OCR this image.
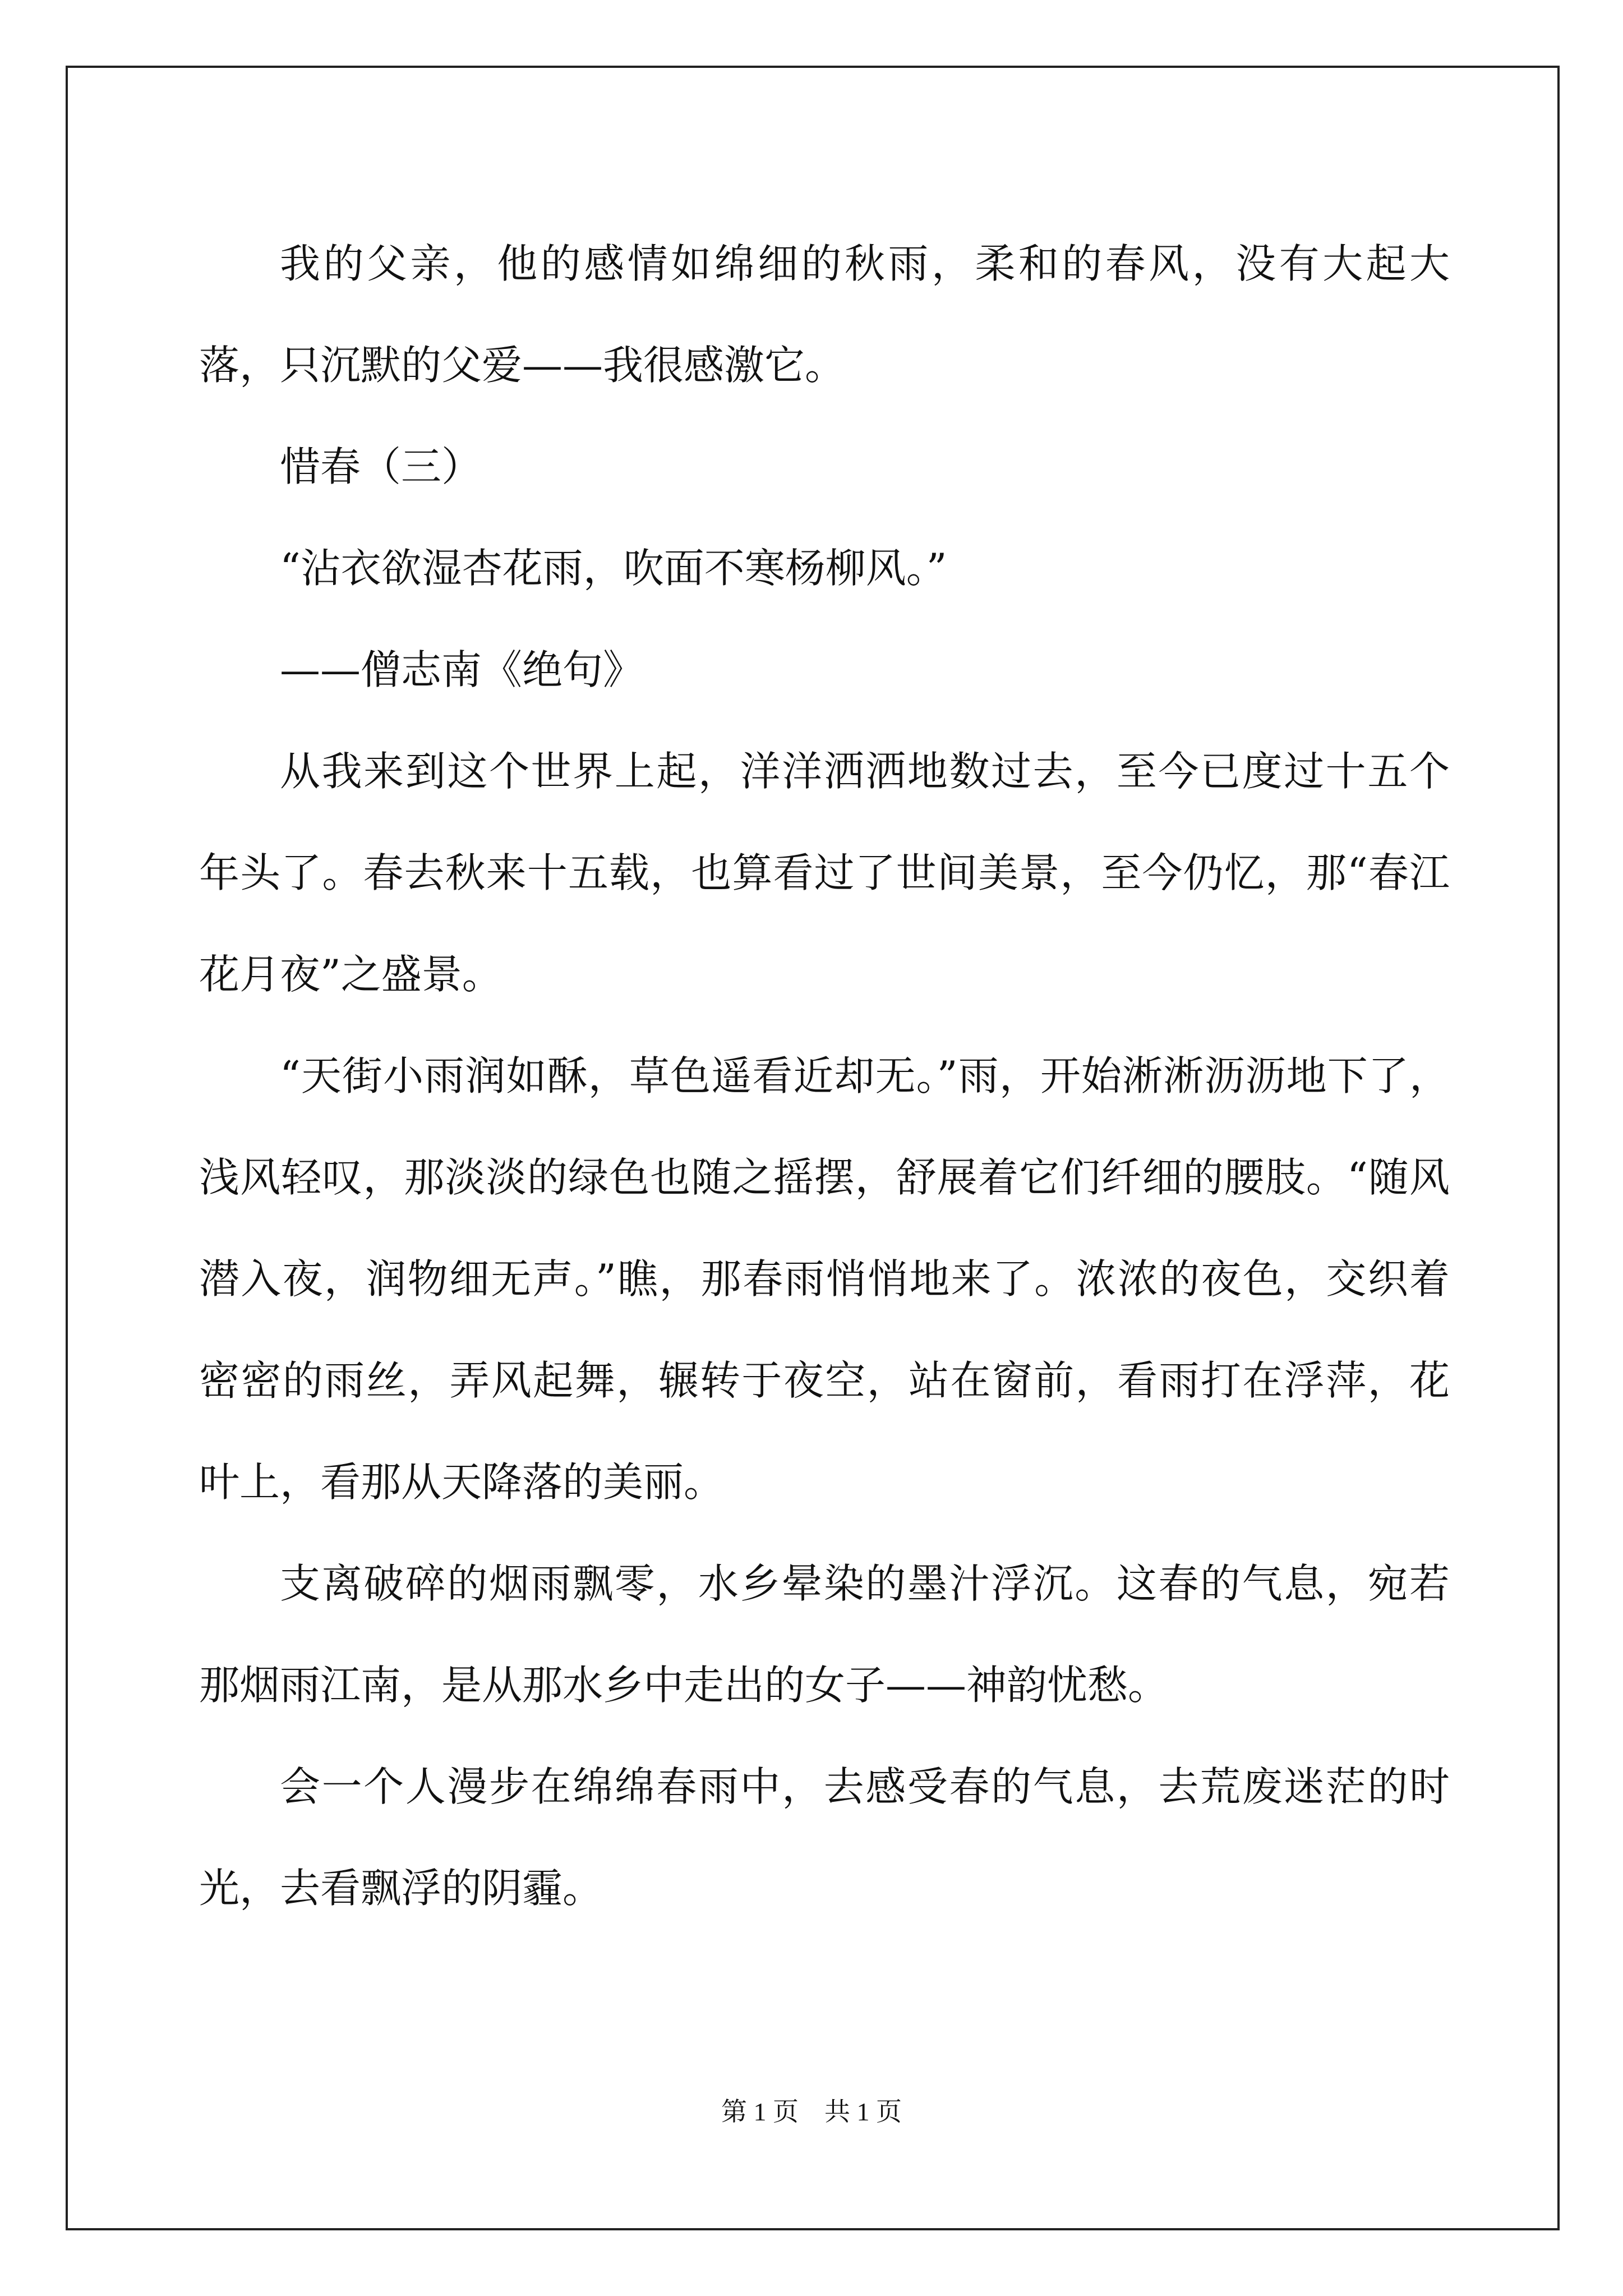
我的父亲，他的感情如绵细的秋雨，柔和的春风，没有大起大落，只沉默的父爱——我很感激它。

惜春（三）

“沾衣欲湿杏花雨，吹面不寒杨柳风。”

——僧志南《绝句》

从我来到这个世界上起，洋洋洒洒地数过去，至今已度过十五个年头了。春去秋来十五载，也算看过了世间美景，至今仍忆，那“春江花月夜”之盛景。

“天街小雨润如酥，草色遥看近却无。”雨，开始淅淅沥沥地下了，浅风轻叹，那淡淡的绿色也随之摇摆，舒展着它们纤细的腰肢。“随风潜入夜，润物细无声。”瞧，那春雨悄悄地来了。浓浓的夜色，交织着密密的雨丝，弄风起舞，辗转于夜空，站在窗前，看雨打在浮萍，花叶上，看那从天降落的美丽。

支离破碎的烟雨飘零，水乡晕染的墨汁浮沉。这春的气息，宛若那烟雨江南，是从那水乡中走出的女子——神韵忧愁。

会一个人漫步在绵绵春雨中，去感受春的气息，去荒废迷茫的时光，去看飘浮的阴霾。

第 1 页　共 1 页
